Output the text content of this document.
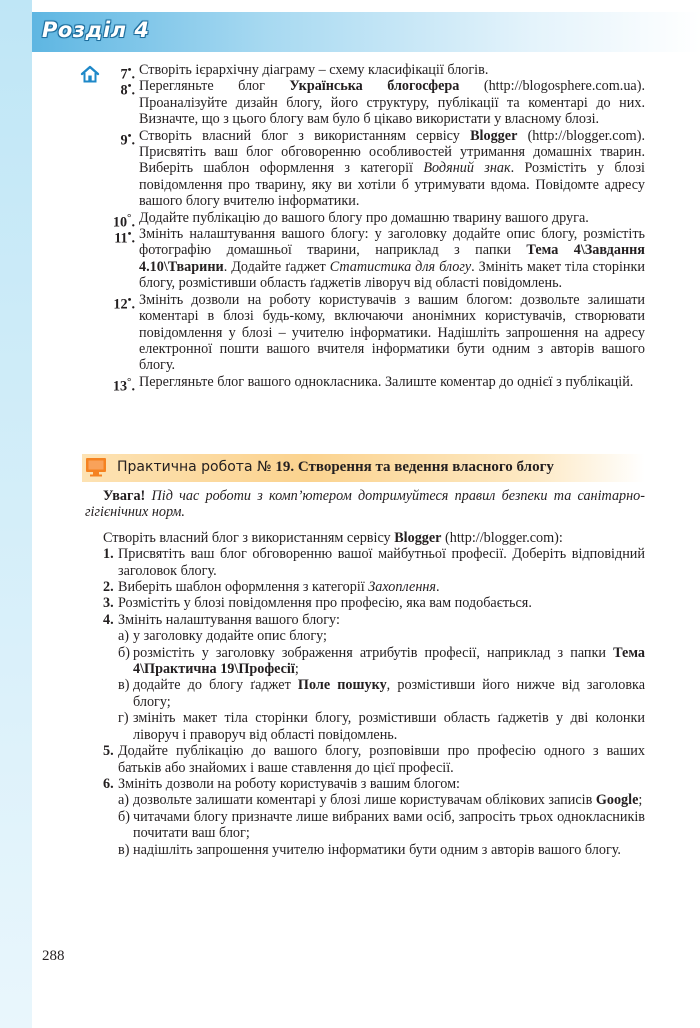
Розділ 4
7•. Створіть ієрархічну діаграму – схему класифікації блогів.
8•. Перегляньте блог Українська блогосфера (http://blogosphere.com.ua). Проаналізуйте дизайн блогу, його структуру, публікації та коментарі до них. Визначте, що з цього блогу вам було б цікаво використати у власному блозі.
9•. Створіть власний блог з використанням сервісу Blogger (http://blogger.com). Присвятіть ваш блог обговоренню особливостей утримання домашніх тварин. Виберіть шаблон оформлення з категорії Водяний знак. Розмістіть у блозі повідомлення про тварину, яку ви хотіли б утримувати вдома. Повідомте адресу вашого блогу вчителю інформатики.
10°. Додайте публікацію до вашого блогу про домашню тварину вашого друга.
11•. Змініть налаштування вашого блогу: у заголовку додайте опис блогу, розмістіть фотографію домашньої тварини, наприклад з папки Тема 4\Завдання 4.10\Тварини. Додайте ґаджет Статистика для блогу. Змініть макет тіла сторінки блогу, розмістивши область ґаджетів ліворуч від області повідомлень.
12•. Змініть дозволи на роботу користувачів з вашим блогом: дозвольте залишати коментарі в блозі будь-кому, включаючи анонімних користувачів, створювати повідомлення у блозі – учителю інформатики. Надішліть запрошення на адресу електронної пошти вашого вчителя інформатики бути одним з авторів вашого блогу.
13°. Перегляньте блог вашого однокласника. Залиште коментар до однієї з публікацій.
Практична робота № 19. Створення та ведення власного блогу

Увага! Під час роботи з комп’ютером дотримуйтеся правил безпеки та санітарно-гігієнічних норм.

Створіть власний блог з використанням сервісу Blogger (http://blogger.com):

1. Присвятіть ваш блог обговоренню вашої майбутньої професії. Доберіть відповідний заголовок блогу.
2. Виберіть шаблон оформлення з категорії Захоплення.
3. Розмістіть у блозі повідомлення про професію, яка вам подобається.
4. Змініть налаштування вашого блогу:
а) у заголовку додайте опис блогу;
б) розмістіть у заголовку зображення атрибутів професії, наприклад з папки Тема 4\Практична 19\Професії;
в) додайте до блогу ґаджет Поле пошуку, розмістивши його нижче від заголовка блогу;
г) змініть макет тіла сторінки блогу, розмістивши область ґаджетів у дві колонки ліворуч і праворуч від області повідомлень.
5. Додайте публікацію до вашого блогу, розповівши про професію одного з ваших батьків або знайомих і ваше ставлення до цієї професії.
6. Змініть дозволи на роботу користувачів з вашим блогом:
а) дозвольте залишати коментарі у блозі лише користувачам облікових записів Google;
б) читачами блогу призначте лише вибраних вами осіб, запросіть трьох однокласників почитати ваш блог;
в) надішліть запрошення учителю інформатики бути одним з авторів вашого блогу.
288
